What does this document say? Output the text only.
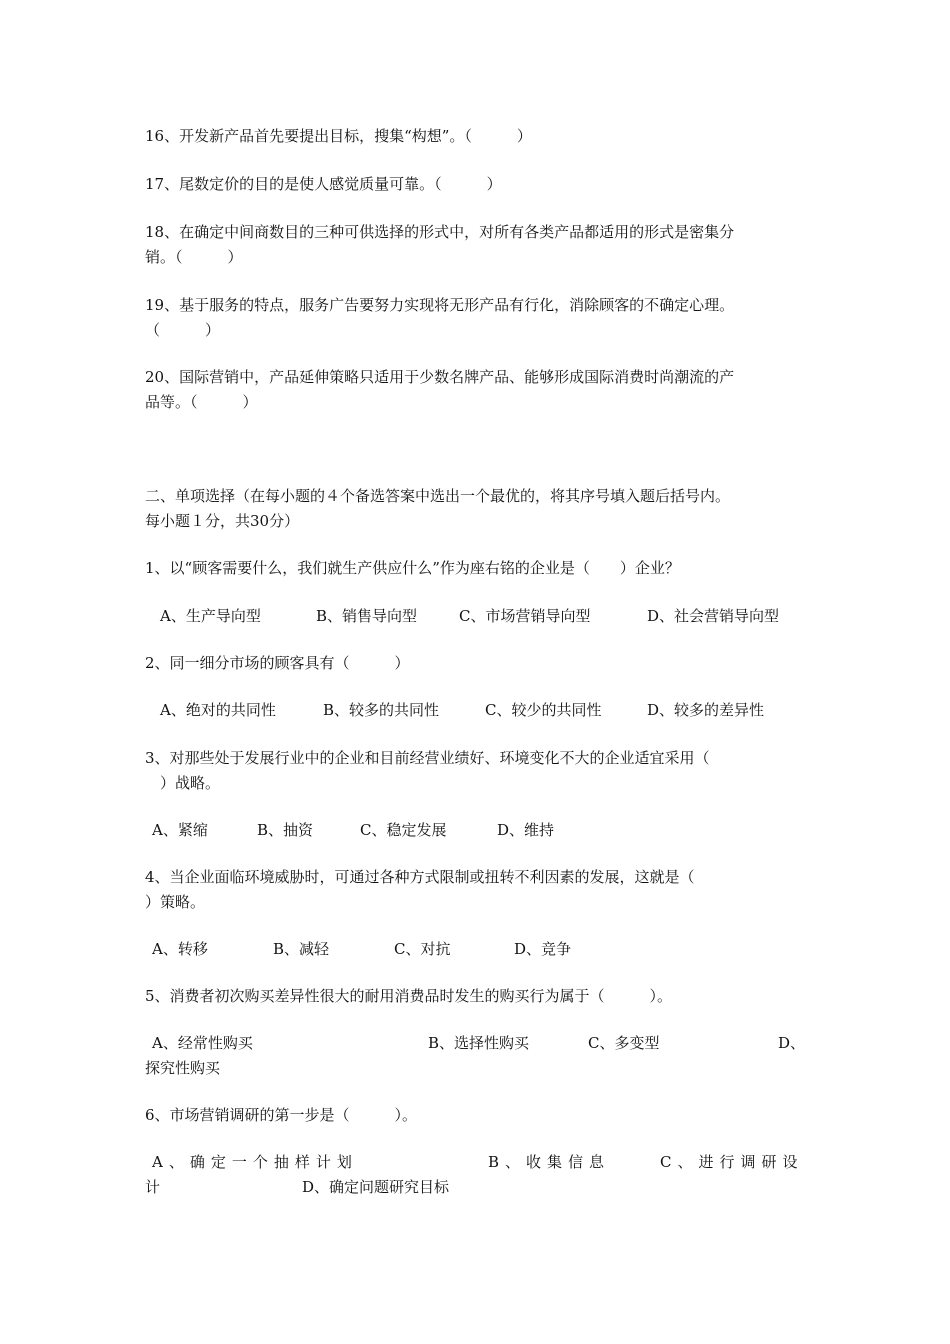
16、开发新产品首先要提出目标，搜集“构想”。（　　　）
17、尾数定价的目的是使人感觉质量可靠。（　　　）
18、在确定中间商数目的三种可供选择的形式中，对所有各类产品都适用的形式是密集分
销。（　　　）
19、基于服务的特点，服务广告要努力实现将无形产品有行化，消除顾客的不确定心理。
（　　　）
20、国际营销中，产品延伸策略只适用于少数名牌产品、能够形成国际消费时尚潮流的产
品等。（　　　）
二、单项选择（在每小题的４个备选答案中选出一个最优的，将其序号填入题后括号内。
每小题１分，共30分）
1、以“顾客需要什么，我们就生产供应什么”作为座右铭的企业是（　　）企业？
A、生产导向型	B、销售导向型	C、市场营销导向型	D、社会营销导向型
2、同一细分市场的顾客具有（　　　）
A、绝对的共同性	B、较多的共同性	C、较少的共同性	D、较多的差异性
3、对那些处于发展行业中的企业和目前经营业绩好、环境变化不大的企业适宜采用（
　）战略。
A、紧缩	B、抽资	C、稳定发展	D、维持
4、当企业面临环境威胁时，可通过各种方式限制或扭转不利因素的发展，这就是（
）策略。
A、转移	B、减轻	C、对抗	D、竞争
5、消费者初次购买差异性很大的耐用消费品时发生的购买行为属于（　　　）。
A、经常性购买	B、选择性购买	C、多变型	D、
探究性购买
6、市场营销调研的第一步是（　　　）。
A、确定一个抽样计划	B、收集信息	C、进行调研设
计	D、确定问题研究目标
